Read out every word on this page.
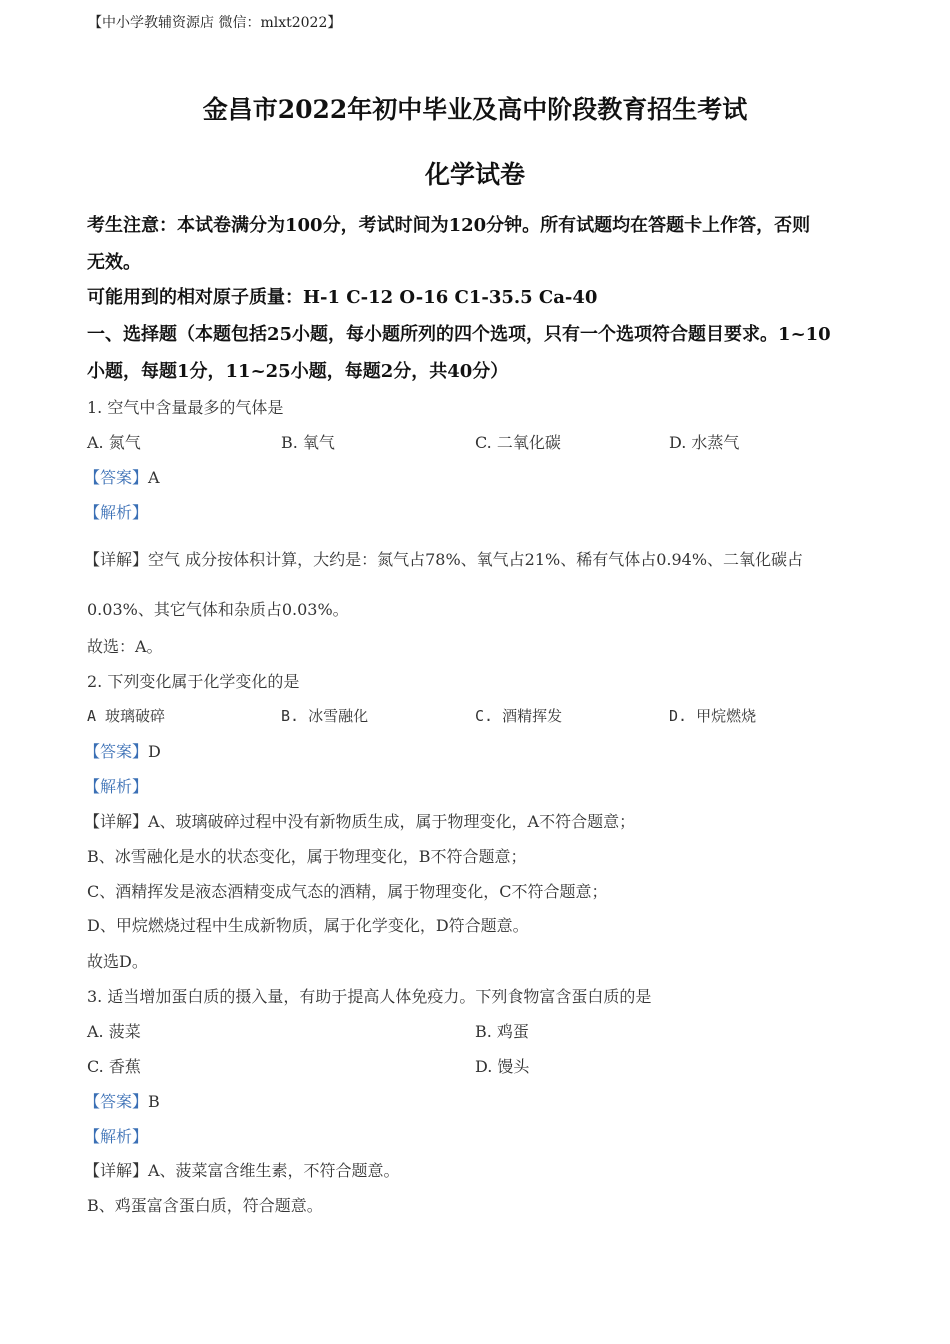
【中小学教辅资源店 微信：mlxt2022】
金昌市2022年初中毕业及高中阶段教育招生考试
化学试卷
考生注意：本试卷满分为100分，考试时间为120分钟。所有试题均在答题卡上作答，否则
无效。
可能用到的相对原子质量：H-1 C-12 O-16 C1-35.5 Ca-40
一、选择题（本题包括25小题，每小题所列的四个选项，只有一个选项符合题目要求。1~10
小题，每题1分，11~25小题，每题2分，共40分）
1. 空气中含量最多的气体是
A. 氮气	B. 氧气	C. 二氧化碳	D. 水蒸气
【答案】A
【解析】
【详解】空气 成分按体积计算，大约是：氮气占78%、氧气占21%、稀有气体占0.94%、二氧化碳占
0.03%、其它气体和杂质占0.03%。
故选：A。
2. 下列变化属于化学变化的是
A 玻璃破碎	B. 冰雪融化	C. 酒精挥发	D. 甲烷燃烧
【答案】D
【解析】
【详解】A、玻璃破碎过程中没有新物质生成，属于物理变化，A不符合题意；
B、冰雪融化是水的状态变化，属于物理变化，B不符合题意；
C、酒精挥发是液态酒精变成气态的酒精，属于物理变化，C不符合题意；
D、甲烷燃烧过程中生成新物质，属于化学变化，D符合题意。
故选D。
3. 适当增加蛋白质的摄入量，有助于提高人体免疫力。下列食物富含蛋白质的是
A. 菠菜	B. 鸡蛋
C. 香蕉	D. 馒头
【答案】B
【解析】
【详解】A、菠菜富含维生素，不符合题意。
B、鸡蛋富含蛋白质，符合题意。
